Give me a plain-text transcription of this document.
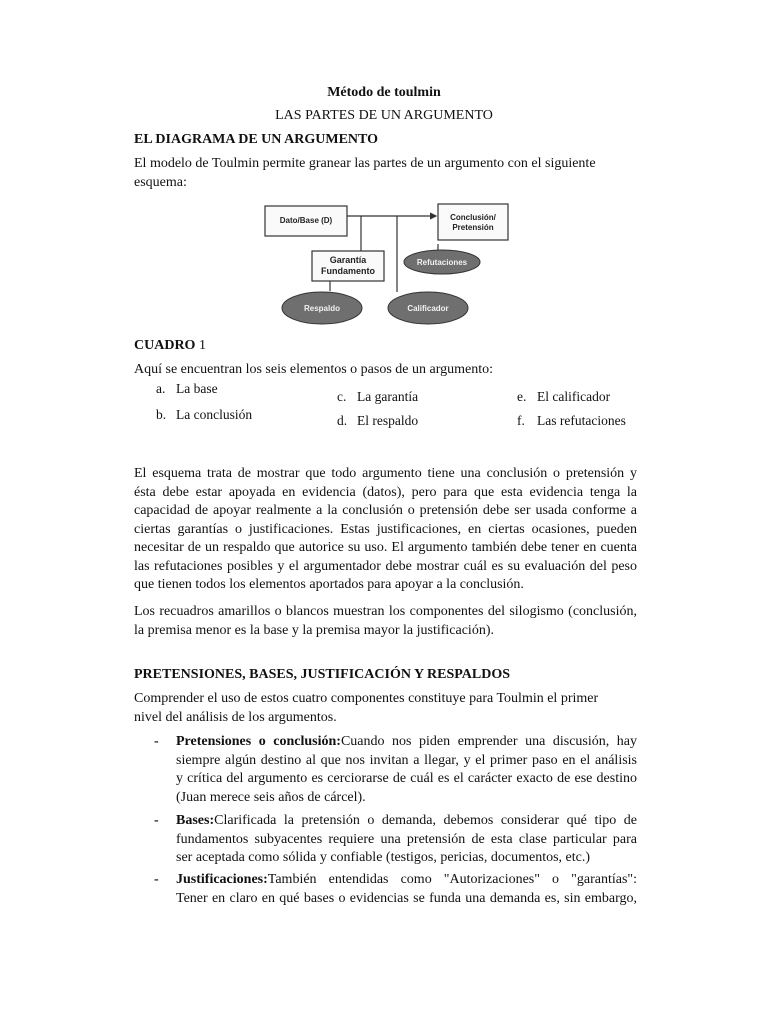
Método de toulmin
LAS PARTES DE UN ARGUMENTO
EL DIAGRAMA DE UN ARGUMENTO
El modelo de Toulmin permite granear las partes de un argumento con el siguiente
esquema:
Dato/Base (D)	Conclusión/
Pretensión
Garantía
Fundamento
Refutaciones
Respaldo	Calificador
CUADRO 1
Aquí se encuentran los seis elementos o pasos de un argumento:
a. La base
b. La conclusión
c. La garantía
d. El respaldo
e. El calificador
f. Las refutaciones
El esquema trata de mostrar que todo argumento tiene una conclusión o pretensión y
ésta debe estar apoyada en evidencia (datos), pero para que esta evidencia tenga la
capacidad de apoyar realmente a la conclusión o pretensión debe ser usada conforme a
ciertas garantías o justificaciones. Estas justificaciones, en ciertas ocasiones, pueden
necesitar de un respaldo que autorice su uso. El argumento también debe tener en cuenta
las refutaciones posibles y el argumentador debe mostrar cuál es su evaluación del peso
que tienen todos los elementos aportados para apoyar a la conclusión.
Los recuadros amarillos o blancos muestran los componentes del silogismo (conclusión,
la premisa menor es la base y la premisa mayor la justificación).
PRETENSIONES, BASES, JUSTIFICACIÓN Y RESPALDOS
Comprender el uso de estos cuatro componentes constituye para Toulmin el primer
nivel del análisis de los argumentos.
- Pretensiones o conclusión:Cuando nos piden emprender una discusión, hay
siempre algún destino al que nos invitan a llegar, y el primer paso en el análisis
y crítica del argumento es cerciorarse de cuál es el carácter exacto de ese destino
(Juan merece seis años de cárcel).
- Bases:Clarificada la pretensión o demanda, debemos considerar qué tipo de
fundamentos subyacentes requiere una pretensión de esta clase particular para
ser aceptada como sólida y confiable (testigos, pericias, documentos, etc.)
- Justificaciones:También entendidas como "Autorizaciones" o "garantías":
Tener en claro en qué bases o evidencias se funda una demanda es, sin embargo,
